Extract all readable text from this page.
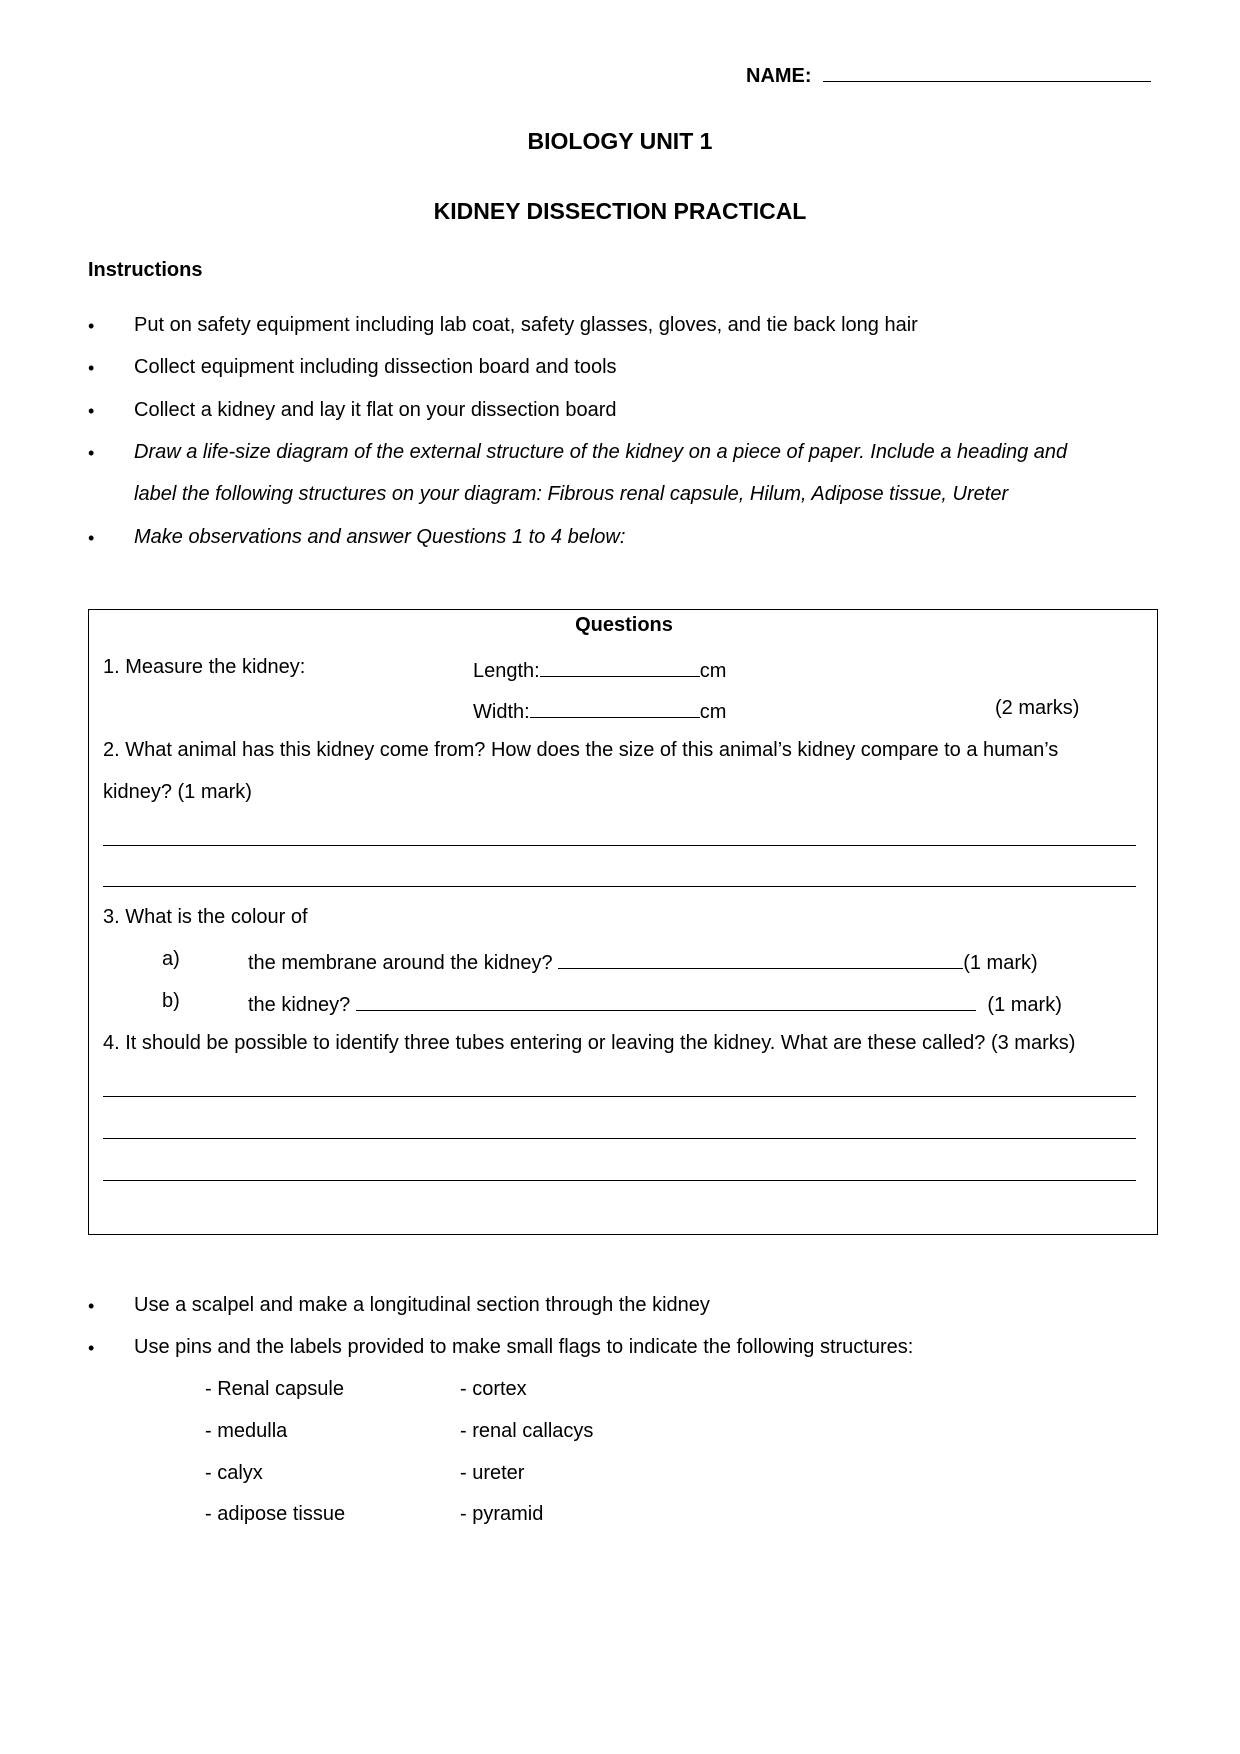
NAME:
BIOLOGY UNIT 1
KIDNEY DISSECTION PRACTICAL
Instructions
• Put on safety equipment including lab coat, safety glasses, gloves, and tie back long hair
• Collect equipment including dissection board and tools
• Collect a kidney and lay it flat on your dissection board
• Draw a life-size diagram of the external structure of the kidney on a piece of paper. Include a heading and
label the following structures on your diagram: Fibrous renal capsule, Hilum, Adipose tissue, Ureter
• Make observations and answer Questions 1 to 4 below:
Questions
1. Measure the kidney:	Length:	cm
Width:	cm	(2 marks)
2. What animal has this kidney come from? How does the size of this animal’s kidney compare to a human’s
kidney? (1 mark)
3. What is the colour of
a)	the membrane around the kidney?	(1 mark)
b)	the kidney?	(1 mark)
4. It should be possible to identify three tubes entering or leaving the kidney. What are these called? (3 marks)
• Use a scalpel and make a longitudinal section through the kidney
• Use pins and the labels provided to make small flags to indicate the following structures:
- Renal capsule	- cortex
- medulla	- renal callacys
- calyx	- ureter
- adipose tissue	- pyramid
